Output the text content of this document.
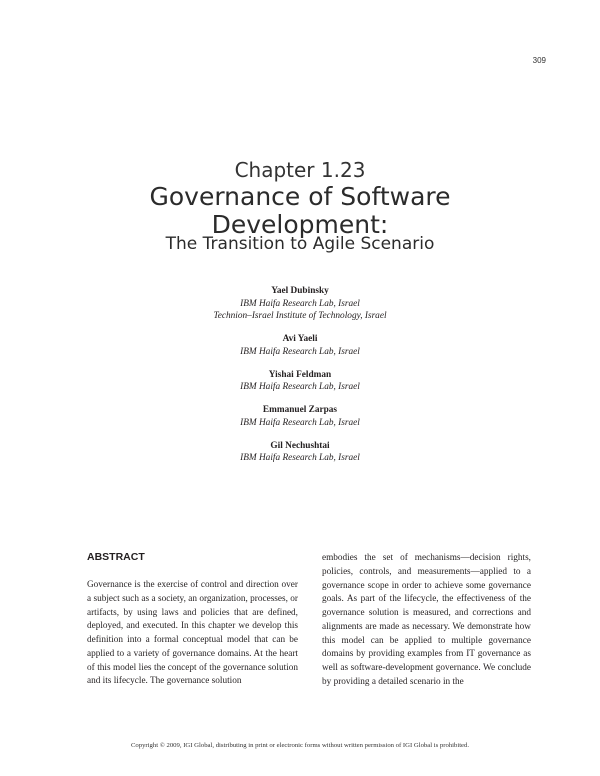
309
Chapter 1.23
Governance of Software
Development:
The Transition to Agile Scenario
Yael Dubinsky
IBM Haifa Research Lab, Israel
Technion–Israel Institute of Technology, Israel
Avi Yaeli
IBM Haifa Research Lab, Israel
Yishai Feldman
IBM Haifa Research Lab, Israel
Emmanuel Zarpas
IBM Haifa Research Lab, Israel
Gil Nechushtai
IBM Haifa Research Lab, Israel
ABSTRACT
Governance is the exercise of control and direction over a subject such as a society, an organization, processes, or artifacts, by using laws and policies that are defined, deployed, and executed. In this chapter we develop this definition into a formal conceptual model that can be applied to a variety of governance domains. At the heart of this model lies the concept of the governance solution and its lifecycle. The governance solution
embodies the set of mechanisms—decision rights, policies, controls, and measurements—applied to a governance scope in order to achieve some governance goals. As part of the lifecycle, the effectiveness of the governance solution is measured, and corrections and alignments are made as necessary. We demonstrate how this model can be applied to multiple governance domains by providing examples from IT governance as well as software-development governance. We conclude by providing a detailed scenario in the
Copyright © 2009, IGI Global, distributing in print or electronic forms without written permission of IGI Global is prohibited.
